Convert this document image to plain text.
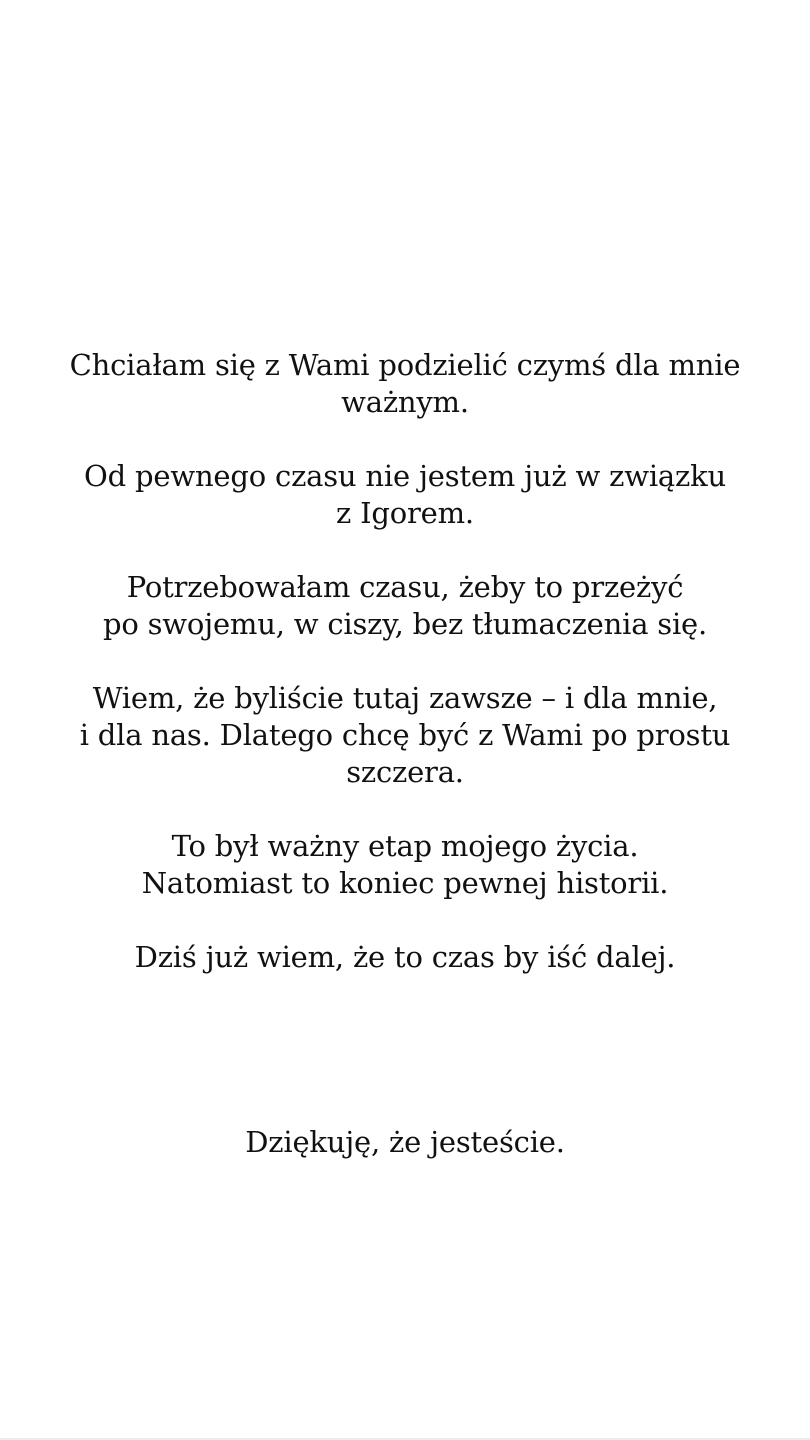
Chciałam się z Wami podzielić czymś dla mnie
ważnym.

Od pewnego czasu nie jestem już w związku
z Igorem.

Potrzebowałam czasu, żeby to przeżyć
po swojemu, w ciszy, bez tłumaczenia się.

Wiem, że byliście tutaj zawsze – i dla mnie,
i dla nas. Dlatego chcę być z Wami po prostu
szczera.

To był ważny etap mojego życia.
Natomiast to koniec pewnej historii.

Dziś już wiem, że to czas by iść dalej.

Dziękuję, że jesteście.
